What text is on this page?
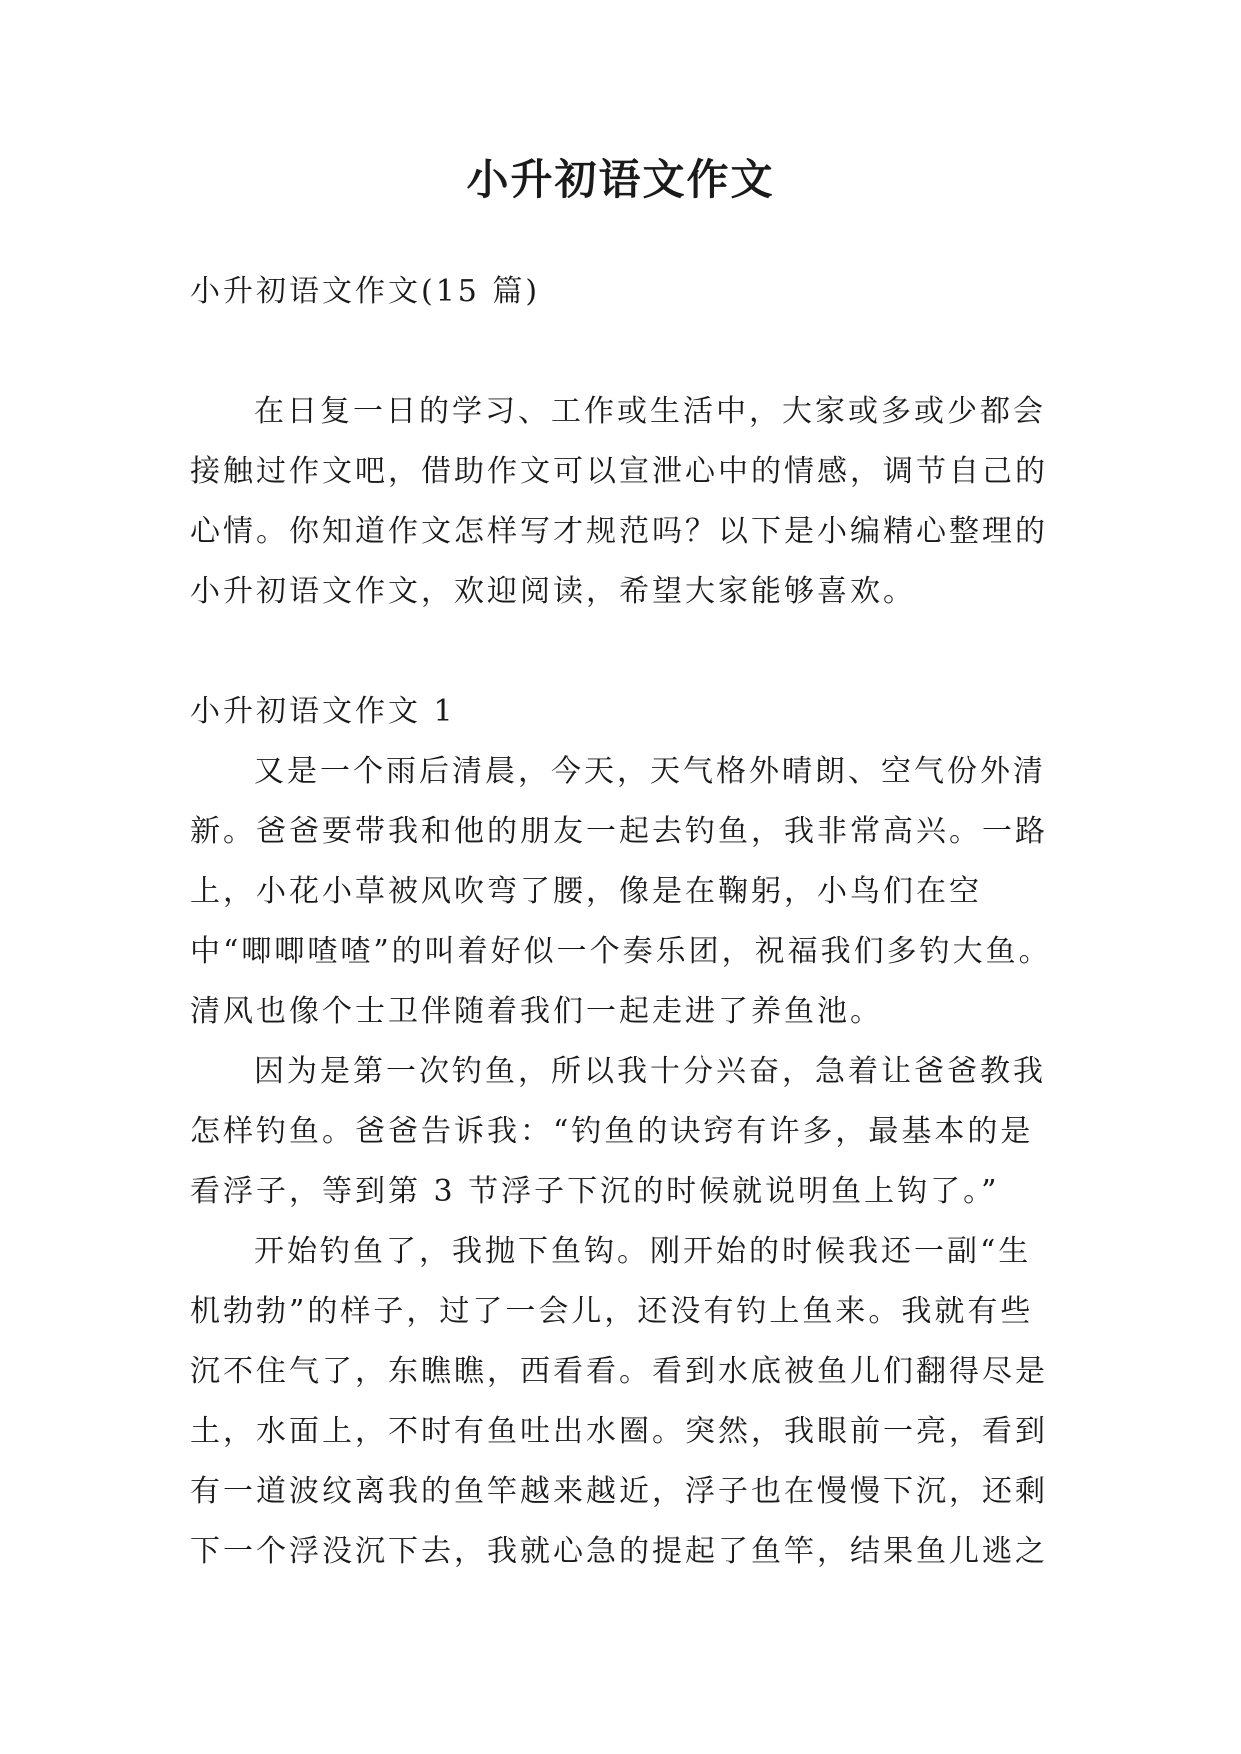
小升初语文作文

小升初语文作文(15 篇)

在日复一日的学习、工作或生活中，大家或多或少都会接触过作文吧，借助作文可以宣泄心中的情感，调节自己的心情。你知道作文怎样写才规范吗？以下是小编精心整理的小升初语文作文，欢迎阅读，希望大家能够喜欢。

小升初语文作文 1

又是一个雨后清晨，今天，天气格外晴朗、空气份外清新。爸爸要带我和他的朋友一起去钓鱼，我非常高兴。一路上，小花小草被风吹弯了腰，像是在鞠躬，小鸟们在空中“唧唧喳喳”的叫着好似一个奏乐团，祝福我们多钓大鱼。清风也像个士卫伴随着我们一起走进了养鱼池。

因为是第一次钓鱼，所以我十分兴奋，急着让爸爸教我怎样钓鱼。爸爸告诉我：“钓鱼的诀窍有许多，最基本的是看浮子，等到第 3 节浮子下沉的时候就说明鱼上钩了。”

开始钓鱼了，我抛下鱼钩。刚开始的时候我还一副“生机勃勃”的样子，过了一会儿，还没有钓上鱼来。我就有些沉不住气了，东瞧瞧，西看看。看到水底被鱼儿们翻得尽是土，水面上，不时有鱼吐出水圈。突然，我眼前一亮，看到有一道波纹离我的鱼竿越来越近，浮子也在慢慢下沉，还剩下一个浮没沉下去，我就心急的提起了鱼竿，结果鱼儿逃之
